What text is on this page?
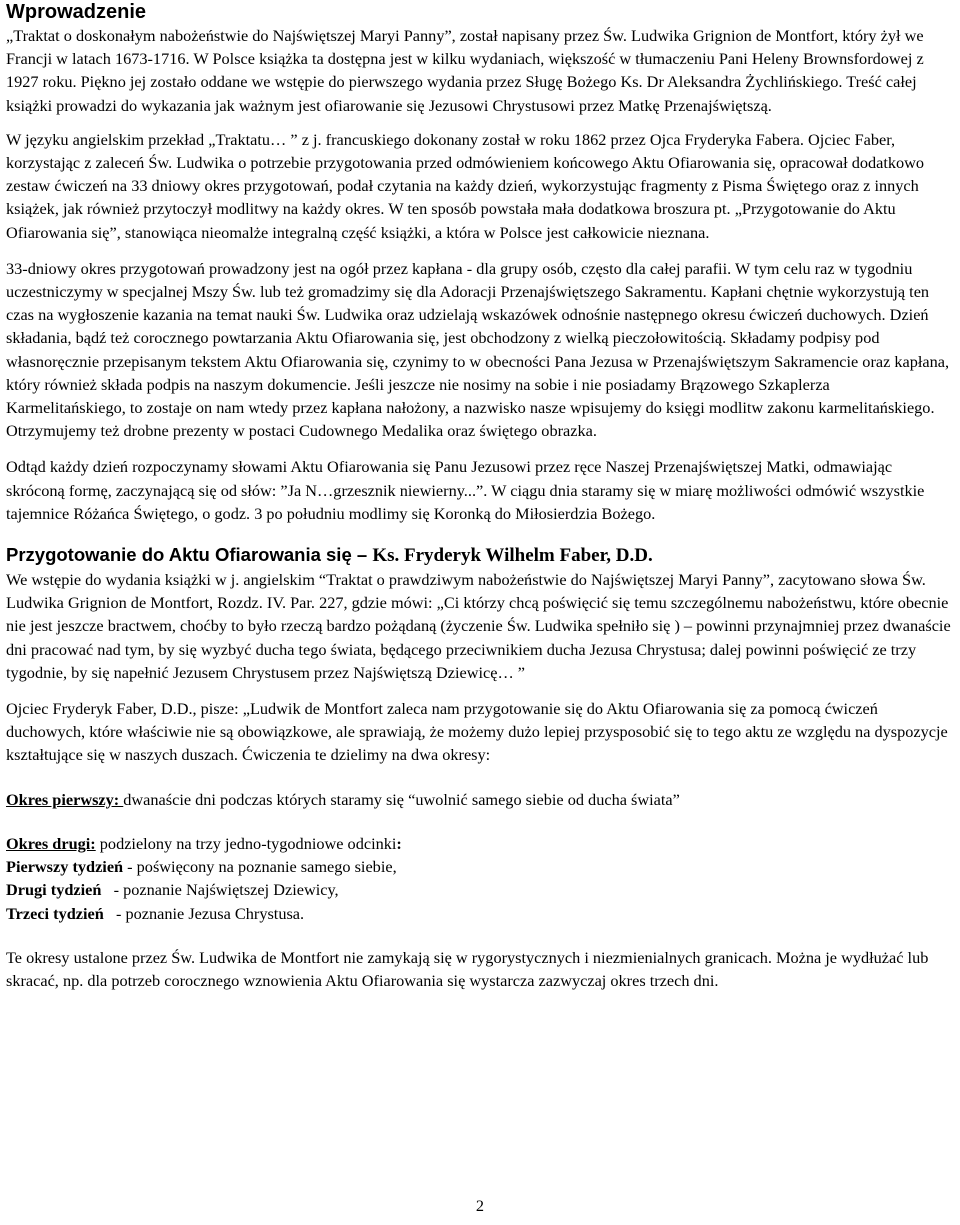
Wprowadzenie

„Traktat o doskonałym nabożeństwie do Najświętszej Maryi Panny”, został napisany przez Św. Ludwika Grignion de Montfort, który żył we Francji w latach 1673-1716. W Polsce książka ta dostępna jest w kilku wydaniach, większość w tłumaczeniu Pani Heleny Brownsfordowej z 1927 roku. Piękno jej zostało oddane we wstępie do pierwszego wydania przez Sługę Bożego Ks. Dr Aleksandra Żychlińskiego. Treść całej książki prowadzi do wykazania jak ważnym jest ofiarowanie się Jezusowi Chrystusowi przez Matkę Przenajświętszą.

W języku angielskim przekład „Traktatu… ” z j. francuskiego dokonany został w roku 1862 przez Ojca Fryderyka Fabera. Ojciec Faber, korzystając z zaleceń Św. Ludwika o potrzebie przygotowania przed odmówieniem końcowego Aktu Ofiarowania się, opracował dodatkowo zestaw ćwiczeń na 33 dniowy okres przygotowań, podał czytania na każdy dzień, wykorzystując fragmenty z Pisma Świętego oraz z innych książek, jak również przytoczył modlitwy na każdy okres. W ten sposób powstała mała dodatkowa broszura pt. „Przygotowanie do Aktu Ofiarowania się”, stanowiąca nieomalże integralną część książki, a która w Polsce jest całkowicie nieznana.

33-dniowy okres przygotowań prowadzony jest na ogół przez kapłana - dla grupy osób, często dla całej parafii. W tym celu raz w tygodniu uczestniczymy w specjalnej Mszy Św. lub też gromadzimy się dla Adoracji Przenajświętszego Sakramentu. Kapłani chętnie wykorzystują ten czas na wygłoszenie kazania na temat nauki Św. Ludwika oraz udzielają wskazówek odnośnie następnego okresu ćwiczeń duchowych. Dzień składania, bądź też corocznego powtarzania Aktu Ofiarowania się, jest obchodzony z wielką pieczołowitością. Składamy podpisy pod własnoręcznie przepisanym tekstem Aktu Ofiarowania się, czynimy to w obecności Pana Jezusa w Przenajświętszym Sakramencie oraz kapłana, który również składa podpis na naszym dokumencie. Jeśli jeszcze nie nosimy na sobie i nie posiadamy Brązowego Szkaplerza Karmelitańskiego, to zostaje on nam wtedy przez kapłana nałożony, a nazwisko nasze wpisujemy do księgi modlitw zakonu karmelitańskiego. Otrzymujemy też drobne prezenty w postaci Cudownego Medalika oraz świętego obrazka.

Odtąd każdy dzień rozpoczynamy słowami Aktu Ofiarowania się Panu Jezusowi przez ręce Naszej Przenajświętszej Matki, odmawiając skróconą formę, zaczynającą się od słów: ”Ja N…grzesznik niewierny...”. W ciągu dnia staramy się w miarę możliwości odmówić wszystkie tajemnice Różańca Świętego, o godz. 3 po południu modlimy się Koronką do Miłosierdzia Bożego.

Przygotowanie do Aktu Ofiarowania się – Ks. Fryderyk Wilhelm Faber, D.D.

We wstępie do wydania książki w j. angielskim “Traktat o prawdziwym nabożeństwie do Najświętszej Maryi Panny”, zacytowano słowa Św. Ludwika Grignion de Montfort, Rozdz. IV. Par. 227, gdzie mówi: „Ci którzy chcą poświęcić się temu szczególnemu nabożeństwu, które obecnie nie jest jeszcze bractwem, choćby to było rzeczą bardzo pożądaną (życzenie Św. Ludwika spełniło się ) – powinni przynajmniej przez dwanaście dni pracować nad tym, by się wyzbyć ducha tego świata, będącego przeciwnikiem ducha Jezusa Chrystusa; dalej powinni poświęcić ze trzy tygodnie, by się napełnić Jezusem Chrystusem przez Najświętszą Dziewicę… ”

Ojciec Fryderyk Faber, D.D., pisze: „Ludwik de Montfort zaleca nam przygotowanie się do Aktu Ofiarowania się za pomocą ćwiczeń duchowych, które właściwie nie są obowiązkowe, ale sprawiają, że możemy dużo lepiej przysposobić się to tego aktu ze względu na dyspozycje kształtujące się w naszych duszach. Ćwiczenia te dzielimy na dwa okresy:

Okres pierwszy: dwanaście dni podczas których staramy się “uwolnić samego siebie od ducha świata”

Okres drugi: podzielony na trzy jedno-tygodniowe odcinki:
Pierwszy tydzień - poświęcony na poznanie samego siebie,
Drugi tydzień   - poznanie Najświętszej Dziewicy,
Trzeci tydzień   - poznanie Jezusa Chrystusa.

Te okresy ustalone przez Św. Ludwika de Montfort nie zamykają się w rygorystycznych i niezmienialnych granicach. Można je wydłużać lub skracać, np. dla potrzeb corocznego wznowienia Aktu Ofiarowania się wystarcza zazwyczaj okres trzech dni.

2
